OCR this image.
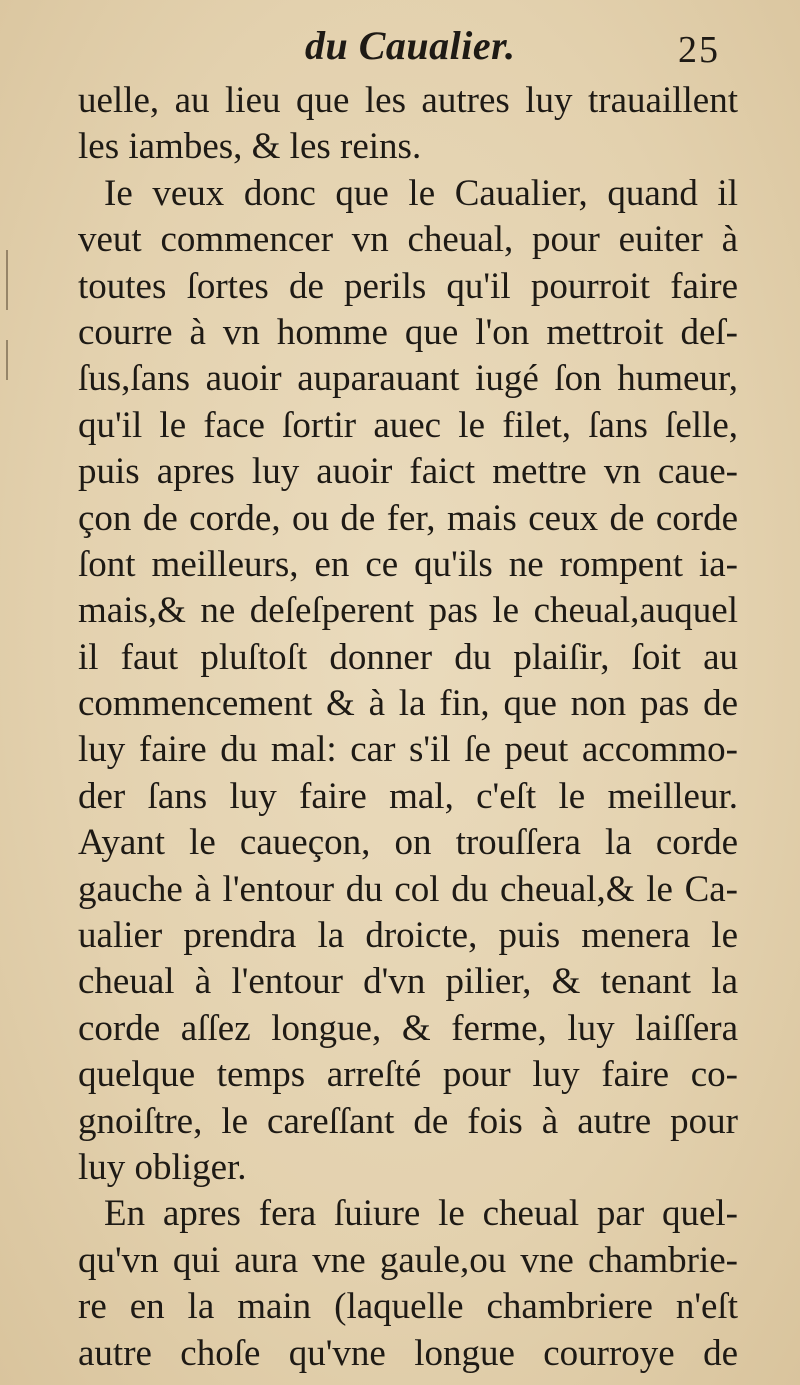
du Caualier.	25
uelle, au lieu que les autres luy trauaillent
les iambes, & les reins.
Ie veux donc que le Caualier, quand il
veut commencer vn cheual, pour euiter à
toutes ſortes de perils qu'il pourroit faire
courre à vn homme que l'on mettroit deſ-
ſus,ſans auoir auparauant iugé ſon humeur,
qu'il le face ſortir auec le filet, ſans ſelle,
puis apres luy auoir faict mettre vn caue-
çon de corde, ou de fer, mais ceux de corde
ſont meilleurs, en ce qu'ils ne rompent ia-
mais,& ne deſeſperent pas le cheual,auquel
il faut pluſtoſt donner du plaiſir, ſoit au
commencement & à la fin, que non pas de
luy faire du mal: car s'il ſe peut accommo-
der ſans luy faire mal, c'eſt le meilleur.
Ayant le caueçon, on trouſſera la corde
gauche à l'entour du col du cheual,& le Ca-
ualier prendra la droicte, puis menera le
cheual à l'entour d'vn pilier, & tenant la
corde aſſez longue, & ferme, luy laiſſera
quelque temps arreſté pour luy faire co-
gnoiſtre, le careſſant de fois à autre pour
luy obliger.
En apres fera ſuiure le cheual par quel-
qu'vn qui aura vne gaule,ou vne chambrie-
re en la main (laquelle chambriere n'eſt
autre choſe qu'vne longue courroye de
